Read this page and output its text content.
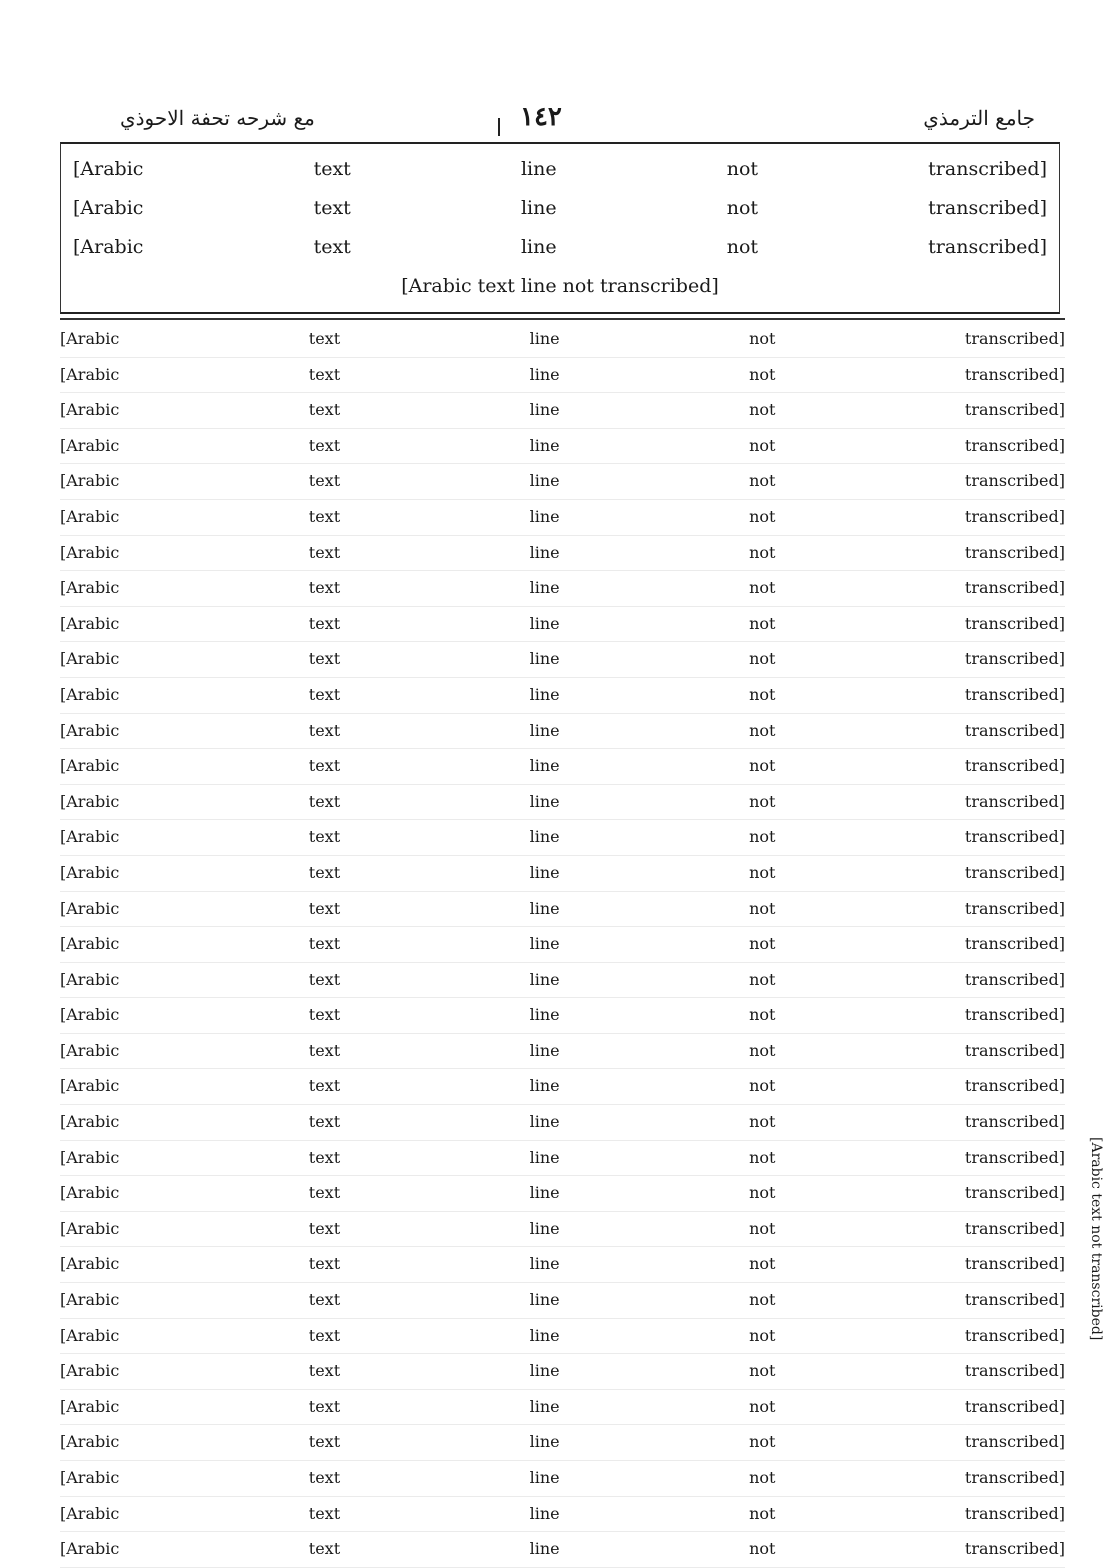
جامع الترمذي
١٤٢
مع شرحه تحفة الاحوذي
[Arabic text line not transcribed]
[Arabic text line not transcribed]
[Arabic text line not transcribed]
[Arabic text line not transcribed]
[Arabic text line not transcribed]
[Arabic text line not transcribed]
[Arabic text line not transcribed]
[Arabic text line not transcribed]
[Arabic text line not transcribed]
[Arabic text line not transcribed]
[Arabic text line not transcribed]
[Arabic text line not transcribed]
[Arabic text line not transcribed]
[Arabic text line not transcribed]
[Arabic text line not transcribed]
[Arabic text line not transcribed]
[Arabic text line not transcribed]
[Arabic text line not transcribed]
[Arabic text line not transcribed]
[Arabic text line not transcribed]
[Arabic text line not transcribed]
[Arabic text line not transcribed]
[Arabic text line not transcribed]
[Arabic text line not transcribed]
[Arabic text line not transcribed]
[Arabic text line not transcribed]
[Arabic text line not transcribed]
[Arabic text line not transcribed]
[Arabic text line not transcribed]
[Arabic text line not transcribed]
[Arabic text line not transcribed]
[Arabic text line not transcribed]
[Arabic text line not transcribed]
[Arabic text line not transcribed]
[Arabic text line not transcribed]
[Arabic text line not transcribed]
[Arabic text line not transcribed]
[Arabic text line not transcribed]
[Arabic text line not transcribed]
[Arabic text not transcribed]
